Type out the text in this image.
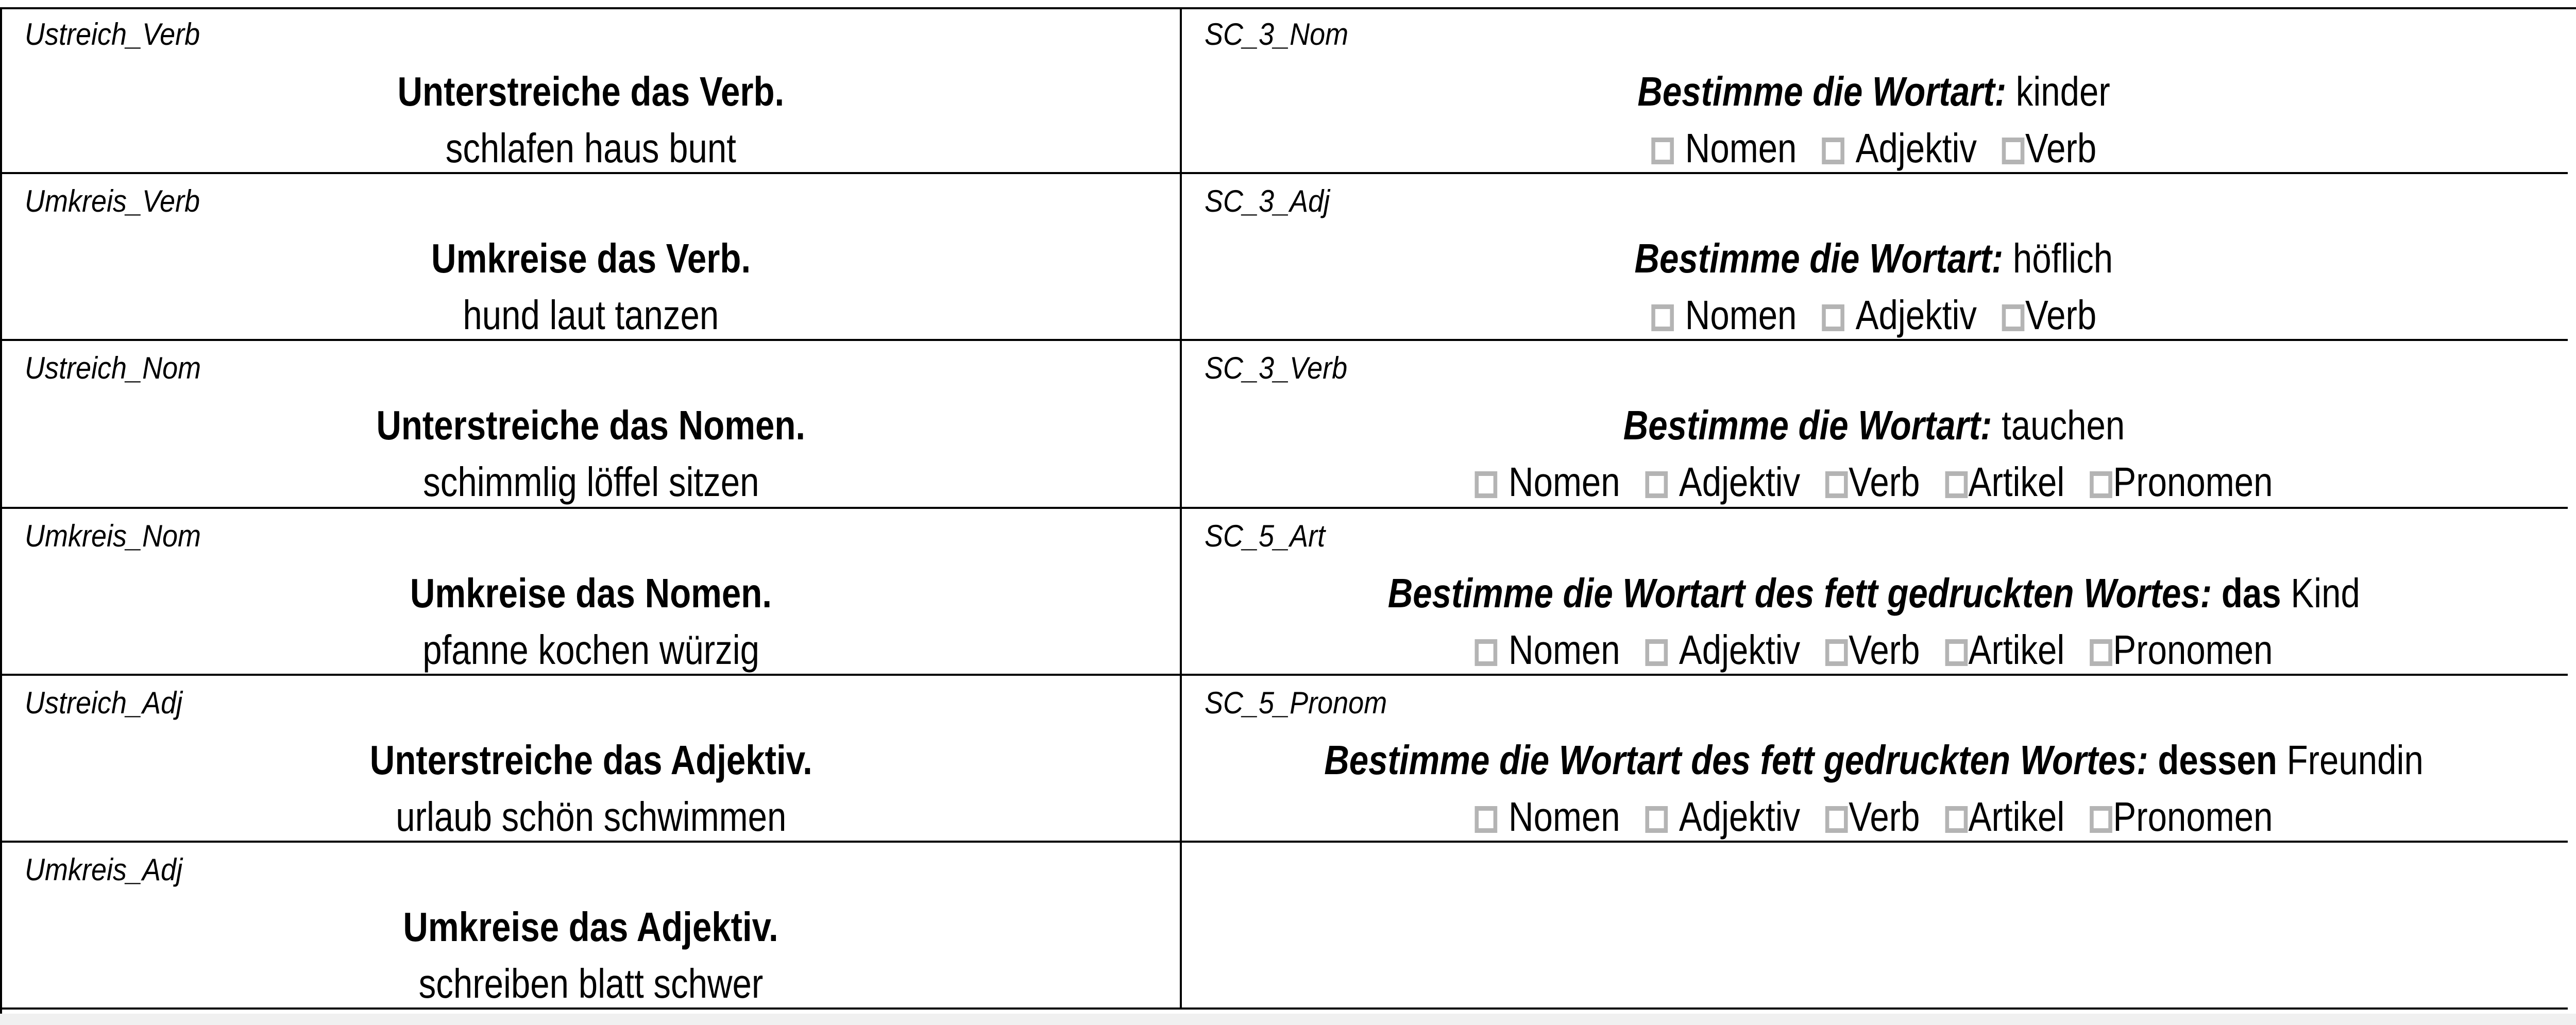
Ustreich_Verb
Unterstreiche das Verb.
schlafen haus bunt
Umkreis_Verb
Umkreise das Verb.
hund laut tanzen
Ustreich_Nom
Unterstreiche das Nomen.
schimmlig löffel sitzen
Umkreis_Nom
Umkreise das Nomen.
pfanne kochen würzig
Ustreich_Adj
Unterstreiche das Adjektiv.
urlaub schön schwimmen
Umkreis_Adj
Umkreise das Adjektiv.
schreiben blatt schwer
SC_3_Nom
Bestimme die Wortart: kinder
Nomen Adjektiv Verb
SC_3_Adj
Bestimme die Wortart: höflich
Nomen Adjektiv Verb
SC_3_Verb
Bestimme die Wortart: tauchen
Nomen Adjektiv Verb Artikel Pronomen
SC_5_Art
Bestimme die Wortart des fett gedruckten Wortes: das Kind
Nomen Adjektiv Verb Artikel Pronomen
SC_5_Pronom
Bestimme die Wortart des fett gedruckten Wortes: dessen Freundin
Nomen Adjektiv Verb Artikel Pronomen
